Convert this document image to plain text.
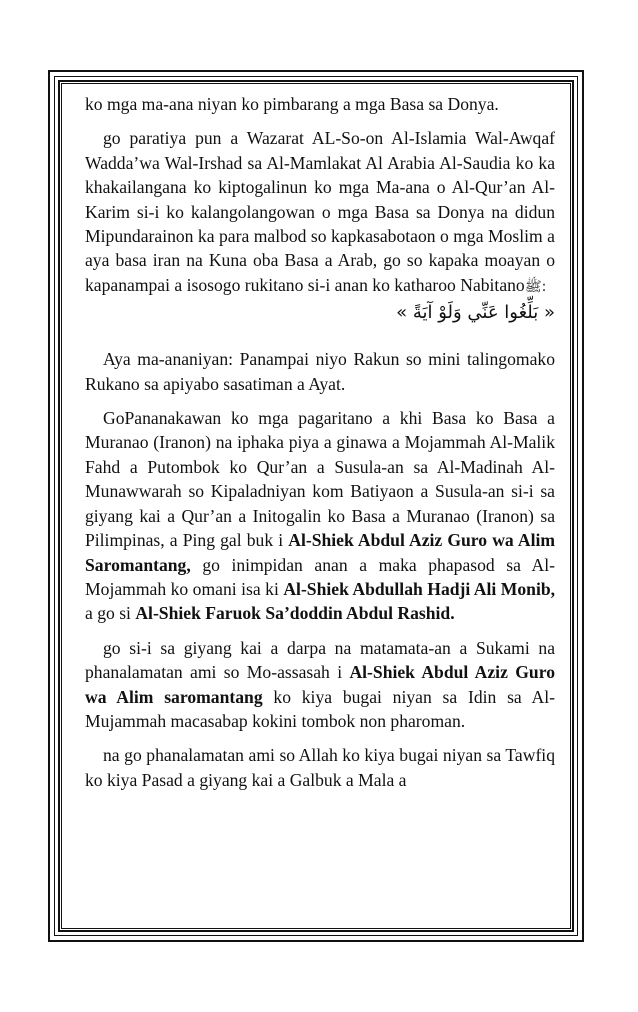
ko mga ma-ana niyan ko pimbarang a mga Basa sa Donya.

go paratiya pun a Wazarat AL-So-on Al-Islamia Wal-Awqaf Wadda’wa Wal-Irshad sa Al-Mamlakat Al Arabia Al-Saudia ko ka khakailangana ko kiptogalinun ko mga Ma-ana o Al-Qur’an Al-Karim si-i ko kalangolangowan o mga Basa sa Donya na didun Mipundarainon ka para malbod so kapkasabotaon o mga Moslim a aya basa iran na Kuna oba Basa a Arab, go so kapaka moayan o kapanampai a isosogo rukitano si-i anan ko katharoo Nabitanoﷺ:

« بَلِّغُوا عَنِّي وَلَوْ آيَةً »

Aya ma-ananiyan: Panampai niyo Rakun so mini talingomako Rukano sa apiyabo sasatiman a Ayat.

GoPananakawan ko mga pagaritano a khi Basa ko Basa a Muranao (Iranon) na iphaka piya a ginawa a Mojammah Al-Malik Fahd a Putombok ko Qur’an a Susula-an sa Al-Madinah Al-Munawwarah so Kipaladniyan kom Batiyaon a Susula-an si-i sa giyang kai a Qur’an a Initogalin ko Basa a Muranao (Iranon) sa Pilimpinas, a Ping gal buk i Al-Shiek Abdul Aziz Guro wa Alim Saromantang, go inimpidan anan a maka phapasod sa Al-Mojammah ko omani isa ki Al-Shiek Abdullah Hadji Ali Monib, a go si Al-Shiek Faruok Sa’doddin Abdul Rashid.

go si-i sa giyang kai a darpa na matamata-an a Sukami na phanalamatan ami so Mo-assasah i Al-Shiek Abdul Aziz Guro wa Alim saromantang ko kiya bugai niyan sa Idin sa Al-Mujammah macasabap kokini tombok non pharoman.

na go phanalamatan ami so Allah ko kiya bugai niyan sa Tawfiq ko kiya Pasad a giyang kai a Galbuk a Mala a
